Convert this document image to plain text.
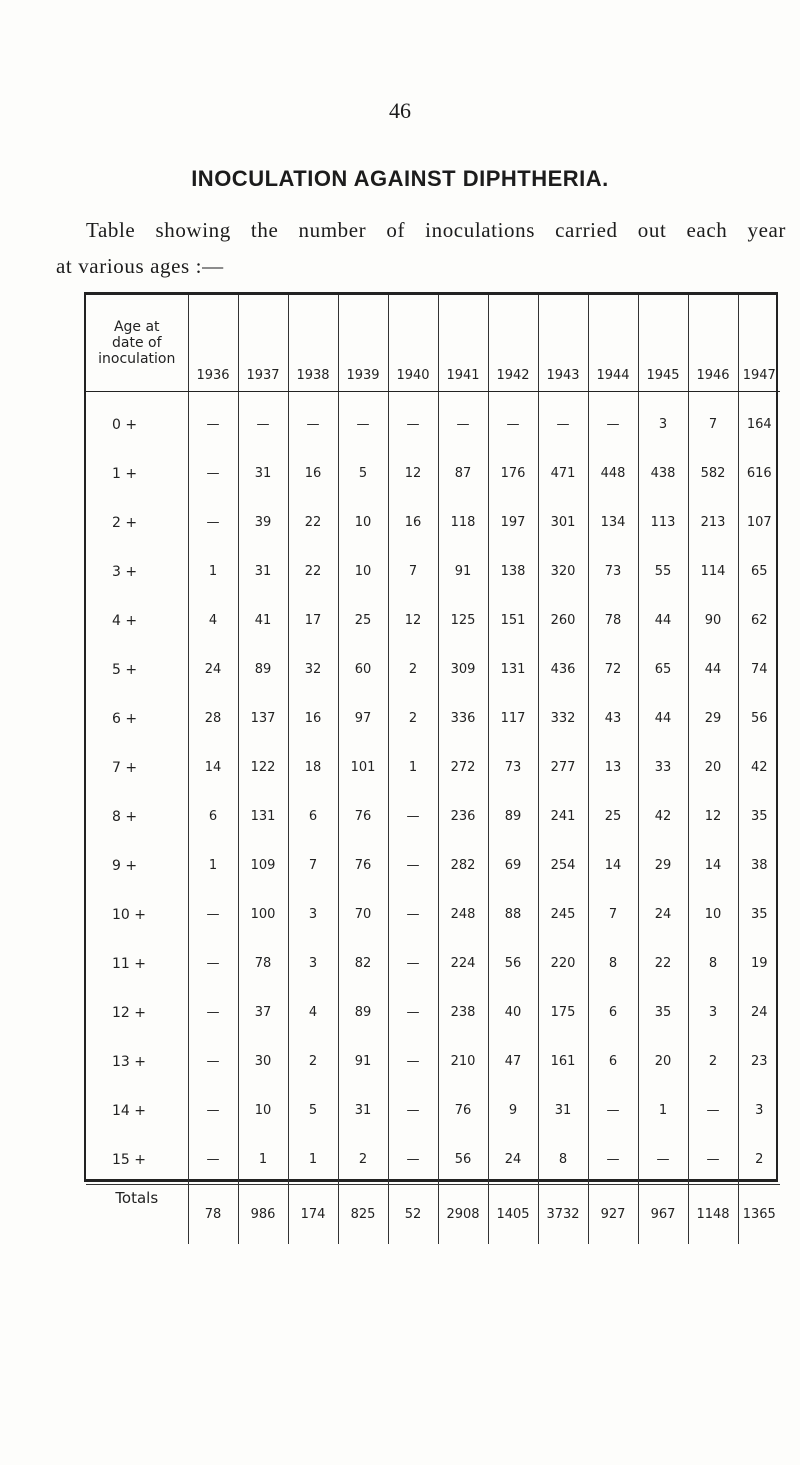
46
INOCULATION AGAINST DIPHTHERIA.
Table showing the number of inoculations carried out each year
at various ages :—
Age at
date of
inoculation	1936	1937	1938	1939	1940	1941	1942	1943	1944	1945	1946	1947
0 +	—	—	—	—	—	—	—	—	—	3	7	164
1 +	—	31	16	5	12	87	176	471	448	438	582	616
2 +	—	39	22	10	16	118	197	301	134	113	213	107
3 +	1	31	22	10	7	91	138	320	73	55	114	65
4 +	4	41	17	25	12	125	151	260	78	44	90	62
5 +	24	89	32	60	2	309	131	436	72	65	44	74
6 +	28	137	16	97	2	336	117	332	43	44	29	56
7 +	14	122	18	101	1	272	73	277	13	33	20	42
8 +	6	131	6	76	—	236	89	241	25	42	12	35
9 +	1	109	7	76	—	282	69	254	14	29	14	38
10 +	—	100	3	70	—	248	88	245	7	24	10	35
11 +	—	78	3	82	—	224	56	220	8	22	8	19
12 +	—	37	4	89	—	238	40	175	6	35	3	24
13 +	—	30	2	91	—	210	47	161	6	20	2	23
14 +	—	10	5	31	—	76	9	31	—	1	—	3
15 +	—	1	1	2	—	56	24	8	—	—	—	2
Totals	78	986	174	825	52	2908	1405	3732	927	967	1148	1365
